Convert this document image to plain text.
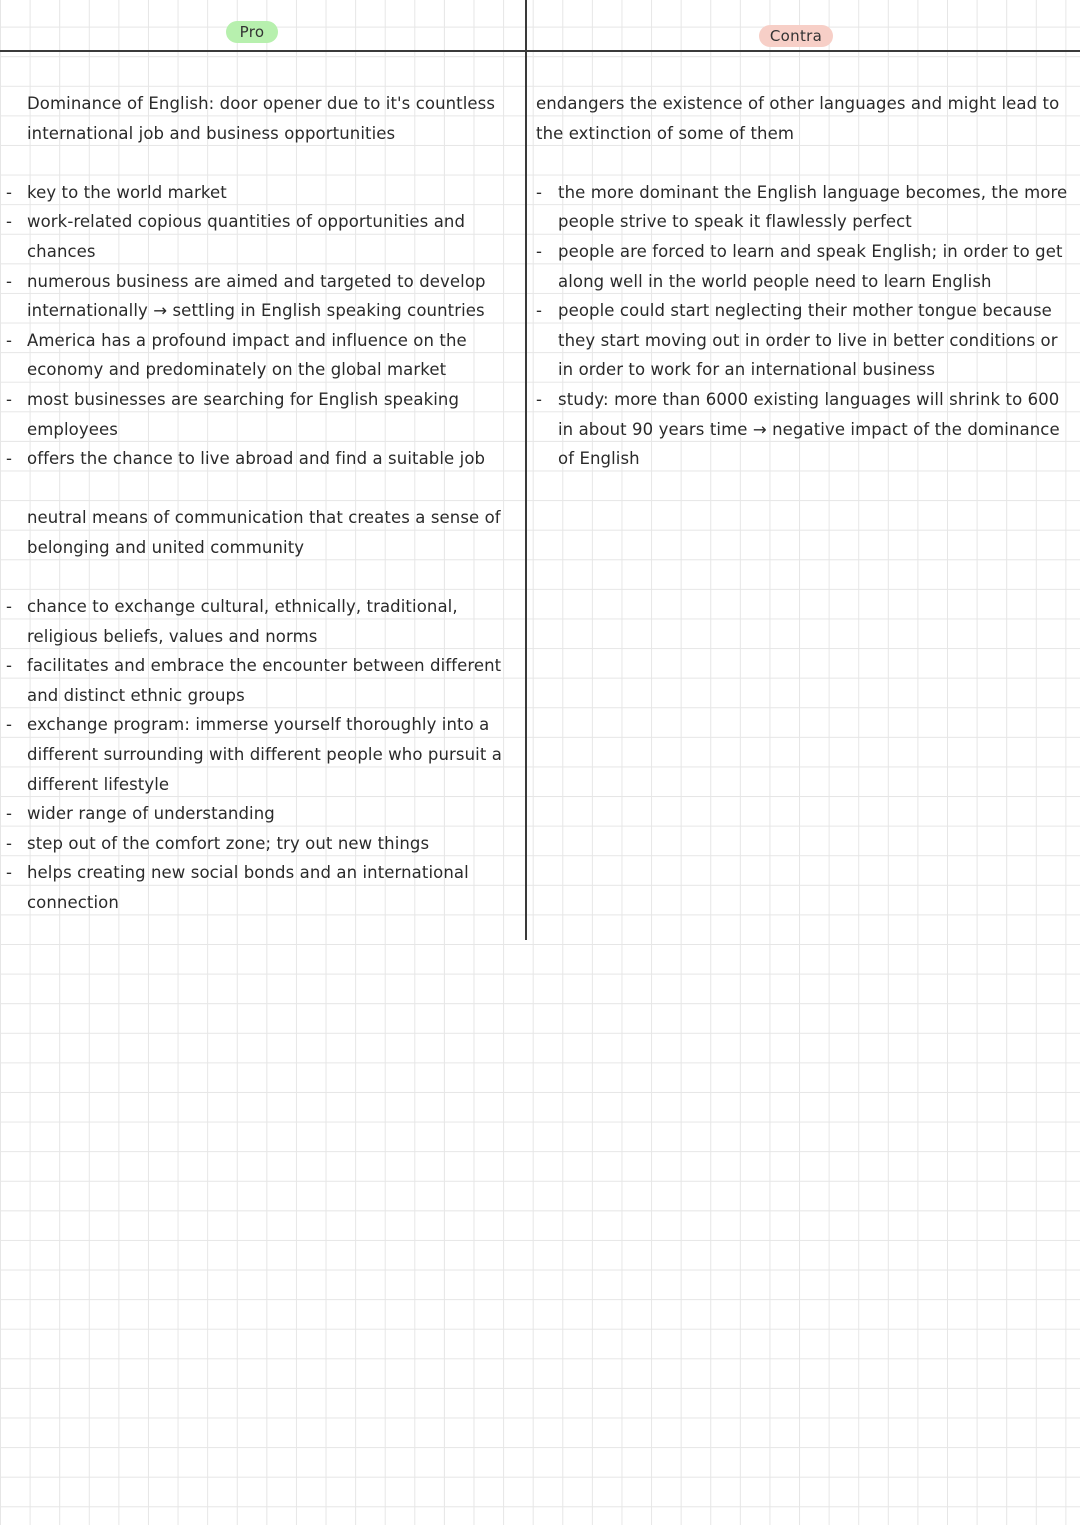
Pro	Contra

Dominance of English: door opener due to it's countless international job and business opportunities

- key to the world market
- work-related copious quantities of opportunities and chances
- numerous business are aimed and targeted to develop internationally → settling in English speaking countries
- America has a profound impact and influence on the economy and predominately on the global market
- most businesses are searching for English speaking employees
- offers the chance to live abroad and find a suitable job

neutral means of communication that creates a sense of belonging and united community

- chance to exchange cultural, ethnically, traditional, religious beliefs, values and norms
- facilitates and embrace the encounter between different and distinct ethnic groups
- exchange program: immerse yourself thoroughly into a different surrounding with different people who pursuit a different lifestyle
- wider range of understanding
- step out of the comfort zone; try out new things
- helps creating new social bonds and an international connection

endangers the existence of other languages and might lead to the extinction of some of them

- the more dominant the English language becomes, the more people strive to speak it flawlessly perfect
- people are forced to learn and speak English; in order to get along well in the world people need to learn English
- people could start neglecting their mother tongue because they start moving out in order to live in better conditions or in order to work for an international business
- study: more than 6000 existing languages will shrink to 600 in about 90 years time → negative impact of the dominance of English
